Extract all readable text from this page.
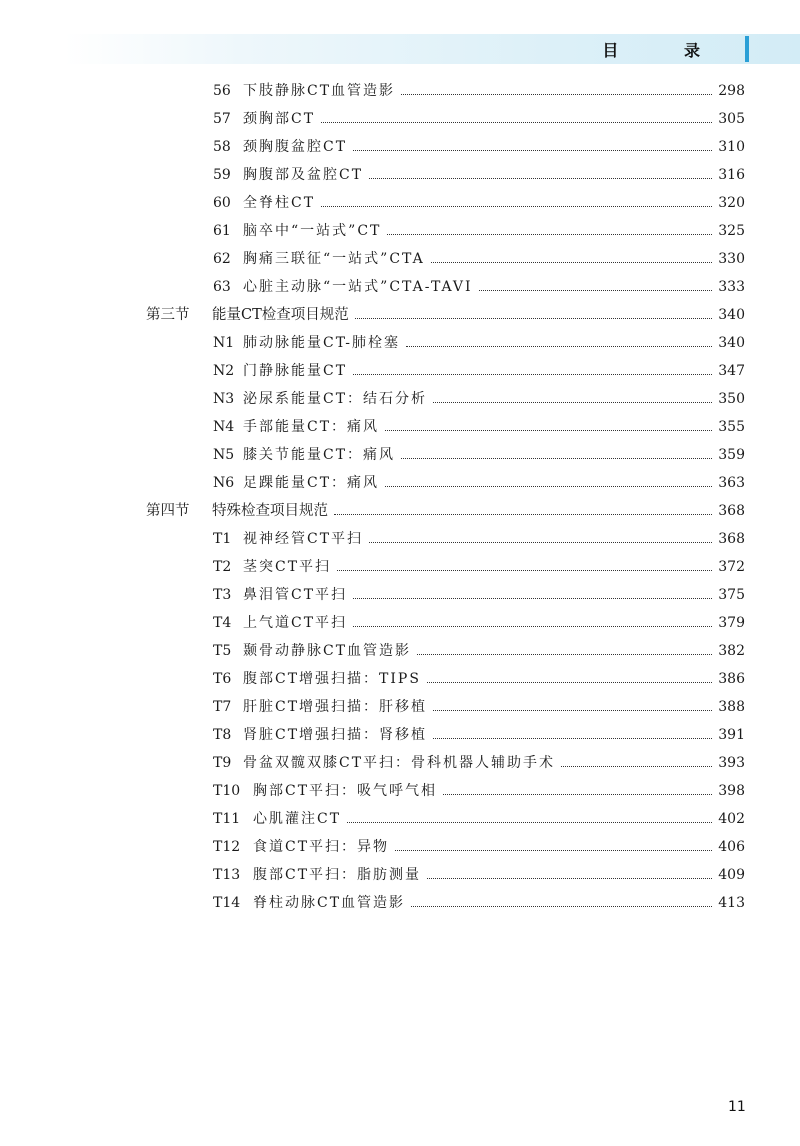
目 录
56 下肢静脉CT血管造影	298
57 颈胸部CT	305
58 颈胸腹盆腔CT	310
59 胸腹部及盆腔CT	316
60 全脊柱CT	320
61 脑卒中“一站式”CT	325
62 胸痛三联征“一站式”CTA	330
63 心脏主动脉“一站式”CTA-TAVI	333
第三节	能量CT检查项目规范	340
N1 肺动脉能量CT-肺栓塞	340
N2 门静脉能量CT	347
N3 泌尿系能量CT：结石分析	350
N4 手部能量CT：痛风	355
N5 膝关节能量CT：痛风	359
N6 足踝能量CT：痛风	363
第四节	特殊检查项目规范	368
T1 视神经管CT平扫	368
T2 茎突CT平扫	372
T3 鼻泪管CT平扫	375
T4 上气道CT平扫	379
T5 颞骨动静脉CT血管造影	382
T6 腹部CT增强扫描：TIPS	386
T7 肝脏CT增强扫描：肝移植	388
T8 肾脏CT增强扫描：肾移植	391
T9 骨盆双髋双膝CT平扫：骨科机器人辅助手术	393
T10 胸部CT平扫：吸气呼气相	398
T11 心肌灌注CT	402
T12 食道CT平扫：异物	406
T13 腹部CT平扫：脂肪测量	409
T14 脊柱动脉CT血管造影	413
11
